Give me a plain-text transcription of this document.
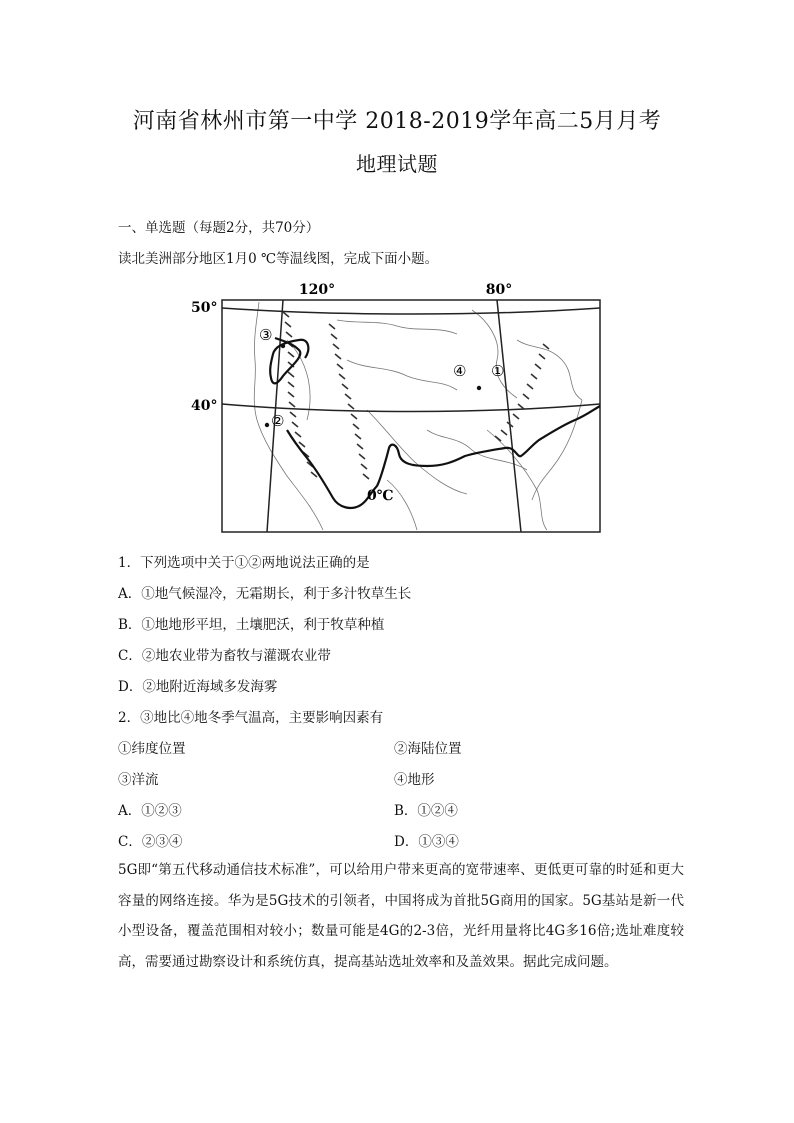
河南省林州市第一中学 2018-2019学年高二5月月考
地理试题
一、单选题（每题2分，共70分）
读北美洲部分地区1月0 ℃等温线图，完成下面小题。
120°	80°
50°
40°
0℃
①
②
③
④
1．下列选项中关于①②两地说法正确的是
A．①地气候湿冷，无霜期长，利于多汁牧草生长
B．①地地形平坦，土壤肥沃，利于牧草种植
C．②地农业带为畜牧与灌溉农业带
D．②地附近海域多发海雾
2．③地比④地冬季气温高，主要影响因素有
①纬度位置	②海陆位置
③洋流	④地形
A．①②③	B．①②④
C．②③④	D．①③④
5G即“第五代移动通信技术标准”，可以给用户带来更高的宽带速率、更低更可靠的时延和更大容量的网络连接。华为是5G技术的引领者，中国将成为首批5G商用的国家。5G基站是新一代小型设备，覆盖范围相对较小；数量可能是4G的2-3倍，光纤用量将比4G多16倍;选址难度较高，需要通过勘察设计和系统仿真，提高基站选址效率和及盖效果。据此完成问题。
